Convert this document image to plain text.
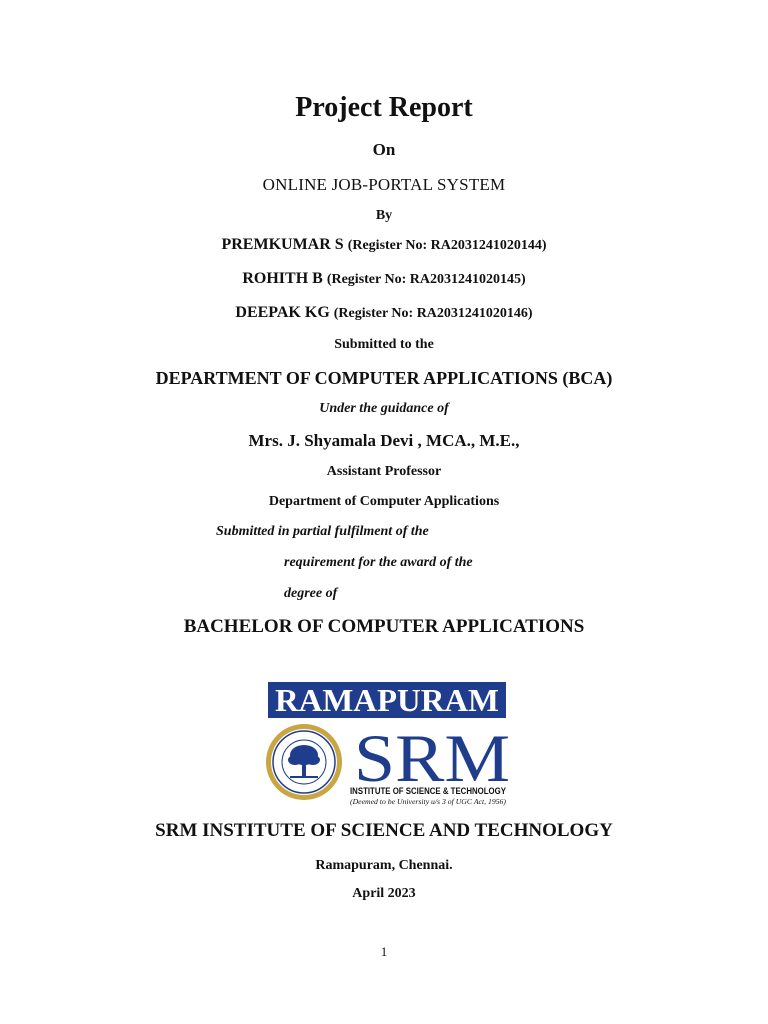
Project Report
On
ONLINE JOB-PORTAL SYSTEM
By
PREMKUMAR S (Register No: RA2031241020144)
ROHITH B (Register No: RA2031241020145)
DEEPAK KG (Register No: RA2031241020146)
Submitted to the
DEPARTMENT OF COMPUTER APPLICATIONS (BCA)
Under the guidance of
Mrs. J. Shyamala Devi , MCA., M.E.,
Assistant Professor
Department of Computer Applications
Submitted in partial fulfilment of the
requirement for the award of the
degree of
BACHELOR OF COMPUTER APPLICATIONS
RAMAPURAM
SRM
INSTITUTE OF SCIENCE & TECHNOLOGY
(Deemed to be University u/s 3 of UGC Act, 1956)
SRM INSTITUTE OF SCIENCE AND TECHNOLOGY
Ramapuram, Chennai.
April 2023
1
